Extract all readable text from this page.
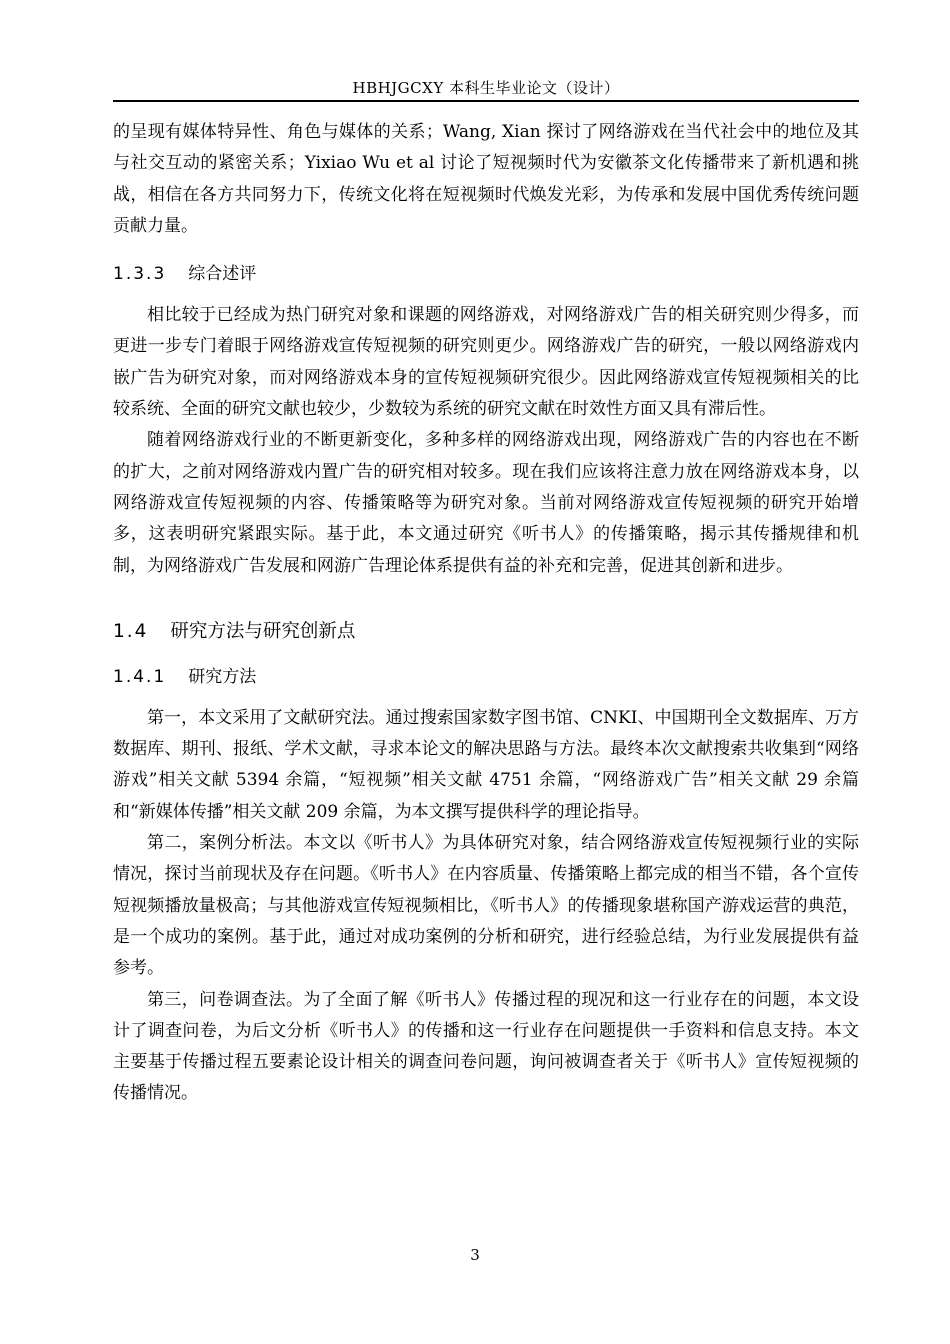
HBHJGCXY 本科生毕业论文（设计）

的呈现有媒体特异性、角色与媒体的关系；Wang, Xian 探讨了网络游戏在当代社会中的地位及其与社交互动的紧密关系；Yixiao Wu et al 讨论了短视频时代为安徽茶文化传播带来了新机遇和挑战，相信在各方共同努力下，传统文化将在短视频时代焕发光彩，为传承和发展中国优秀传统问题贡献力量。

1.3.3 综合述评

相比较于已经成为热门研究对象和课题的网络游戏，对网络游戏广告的相关研究则少得多，而更进一步专门着眼于网络游戏宣传短视频的研究则更少。网络游戏广告的研究，一般以网络游戏内嵌广告为研究对象，而对网络游戏本身的宣传短视频研究很少。因此网络游戏宣传短视频相关的比较系统、全面的研究文献也较少，少数较为系统的研究文献在时效性方面又具有滞后性。

随着网络游戏行业的不断更新变化，多种多样的网络游戏出现，网络游戏广告的内容也在不断的扩大，之前对网络游戏内置广告的研究相对较多。现在我们应该将注意力放在网络游戏本身，以网络游戏宣传短视频的内容、传播策略等为研究对象。当前对网络游戏宣传短视频的研究开始增多，这表明研究紧跟实际。基于此，本文通过研究《听书人》的传播策略，揭示其传播规律和机制，为网络游戏广告发展和网游广告理论体系提供有益的补充和完善，促进其创新和进步。

1.4 研究方法与研究创新点
1.4.1 研究方法

第一，本文采用了文献研究法。通过搜索国家数字图书馆、CNKI、中国期刊全文数据库、万方数据库、期刊、报纸、学术文献，寻求本论文的解决思路与方法。最终本次文献搜索共收集到“网络游戏”相关文献 5394 余篇，“短视频”相关文献 4751 余篇，“网络游戏广告”相关文献 29 余篇和“新媒体传播”相关文献 209 余篇，为本文撰写提供科学的理论指导。

第二，案例分析法。本文以《听书人》为具体研究对象，结合网络游戏宣传短视频行业的实际情况，探讨当前现状及存在问题。《听书人》在内容质量、传播策略上都完成的相当不错，各个宣传短视频播放量极高；与其他游戏宣传短视频相比，《听书人》的传播现象堪称国产游戏运营的典范，是一个成功的案例。基于此，通过对成功案例的分析和研究，进行经验总结，为行业发展提供有益参考。

第三，问卷调查法。为了全面了解《听书人》传播过程的现况和这一行业存在的问题，本文设计了调查问卷，为后文分析《听书人》的传播和这一行业存在问题提供一手资料和信息支持。本文主要基于传播过程五要素论设计相关的调查问卷问题，询问被调查者关于《听书人》宣传短视频的传播情况。

3
